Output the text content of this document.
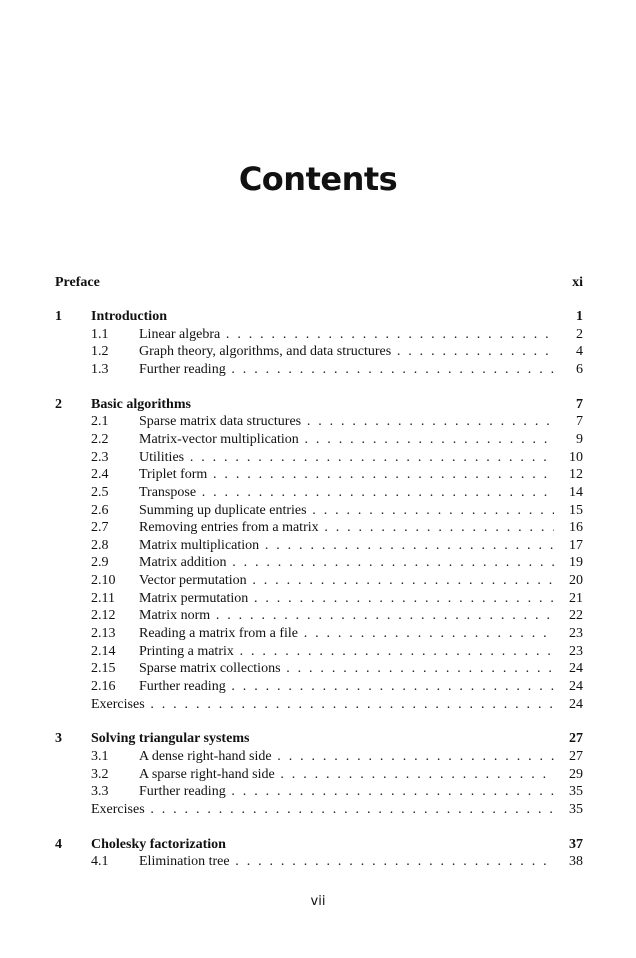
Contents
Preface	xi
1 Introduction	1
1.1 Linear algebra . . .	2
1.2 Graph theory, algorithms, and data structures . . .	4
1.3 Further reading . . .	6
2 Basic algorithms	7
2.1 Sparse matrix data structures . . .	7
2.2 Matrix-vector multiplication . . .	9
2.3 Utilities . . .	10
2.4 Triplet form . . .	12
2.5 Transpose . . .	14
2.6 Summing up duplicate entries . . .	15
2.7 Removing entries from a matrix . . .	16
2.8 Matrix multiplication . . .	17
2.9 Matrix addition . . .	19
2.10 Vector permutation . . .	20
2.11 Matrix permutation . . .	21
2.12 Matrix norm . . .	22
2.13 Reading a matrix from a file . . .	23
2.14 Printing a matrix . . .	23
2.15 Sparse matrix collections . . .	24
2.16 Further reading . . .	24
Exercises . . .	24
3 Solving triangular systems	27
3.1 A dense right-hand side . . .	27
3.2 A sparse right-hand side . . .	29
3.3 Further reading . . .	35
Exercises . . .	35
4 Cholesky factorization	37
4.1 Elimination tree . . .	38
vii
